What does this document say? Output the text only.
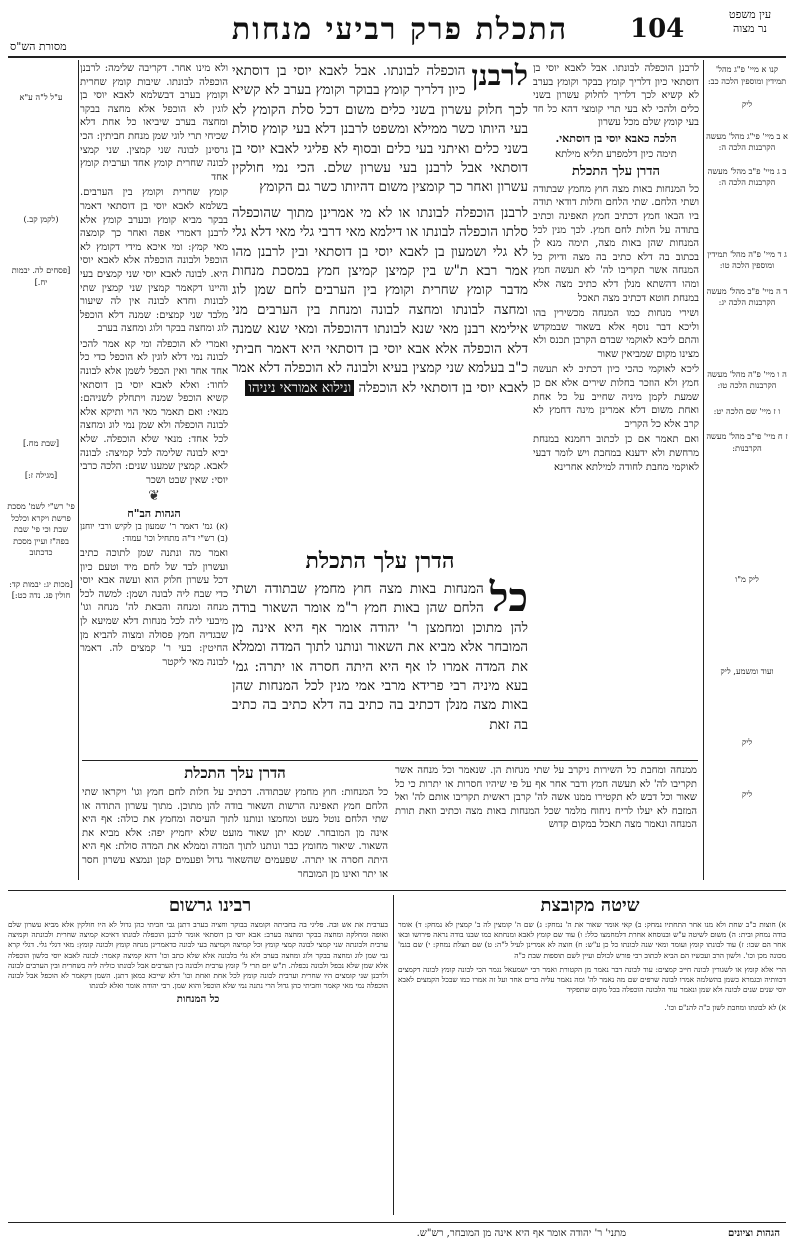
התכלת פרק רביעי מנחות	104	עין משפט
נר מצוה
מסורת הש"ס
קנו א מיי' פ"ג מהל' תמידין ומוספין הלכה כב:
ליק
א ב מיי' פי"ג מהל' מעשה הקרבנות הלכה ה:
ב ג מיי' פ"ב מהל' מעשה הקרבנות הלכה ה:
ג ד מיי' פ"ה מהל' תמידין ומוספין הלכה טו:
ד ה מיי' פ"ב מהל' מעשה הקרבנות הלכה יג:
ה ו מיי' פ"ה מהל' מעשה הקרבנות הלכה טו:
ו ז מיי' שם הלכה יט:
ז ח מיי' פי"ב מהל' מעשה הקרבנות:
ליק מ"ו
ועוד ומשמע, ליק
ליק
ליק

לרבנן הוכפלה לבונתו. אבל לאבא יוסי בן דוסתאי כיון דלריך קומץ בבקר וקומץ בערב לא קשיא לכך דלריך לחלוק עשרון בשני כלים ולהכי לא בעי תרי קומצי דהא כל חד בעי קומץ שלם מכל עשרון

הלכה כאבא יוסי בן דוסתאי.

תימה כיון דלמפרע תליא מילתא

הדרן עלך התכלת

כל המנחות באות מצה חוץ מחמץ שבתודה ושתי הלחם. שתי הלחם וחלות דודאי תודה ביו הבאו חמץ דכתיב חמץ תאפינה וכתיב בתודה על חלות לחם חמץ. לכך מנין לכל המנחות שהן באות מצה, תימה מנא לן בכתוב בה דלא כתיב בה מצה ודיוק כל המנחה אשר תקריבו לה' לא תעשה חמץ ומהו דהשתא מנלן דלא כתיב מצה אלא במנחת חוטא דכתיב מצה תאכל

ושירי מנחות כמו המנחה מכשירין בהו וליכא דבר נוסף אלא בשאור שבמקדש והתם ליכא לאוקמי שבדם הקרבן תכנס ולא מצינו מקום שמביאין שאור

ליכא לאוקמי כהכי כיון דכתיב לא תעשה חמץ ולא הוזכר בחלות שירים אלא אם כן שמעת לקמן מיניה שחייב על כל אחת ואחת משום דלא אמרינן מינה דחמץ לא קרב אלא כל הקריב

ואם תאמר אם כן לכתוב רחמנא במנחת מרחשת ולא ידענא במחבת ויש לומר דבעי לאוקמי מחבת לחודה למילתא אחרינא

לרבנן
הוכפלה לבונתו. אבל לאבא יוסי בן דוסתאי כיון דלריך קומץ בבוקר וקומץ בערב לא קשיא לכך חלוק עשרון בשני כלים משום דכל סלת הקומץ לא בעי היותו כשר ממילא ומשפט לרבנן דלא בעי קומץ סולת בשני כלים ואיתני בעי כלים ובסוף לא פליגי לאבא יוסי בן דוסתאי אבל לרבנן בעי עשרון שלם. הכי נמי חולקין עשרון ואחר כך קומצין משום דהיותו כשר גם הקומץ
לרבנן הוכפלה לבונתו או לא מי אמרינן מתוך שהוכפלה סלתו הוכפלה לבונתו או דילמא מאי דרבי גלי מאי דלא גלי לא גלי ושמעון בן לאבא יוסי בן דוסתאי ובין לרבנן מהו אמר רבא ת"ש בין קמיצן קמיצן חמץ במסכת מנחות מדבר קומץ שחרית וקומץ בין הערבים לחם שמן לוג ומחצה לבונתו ומחצה לבונה ומנחת בין הערבים מני אילימא רבנן מאי שנא לבונתו דהוכפלה ומאי שנא שמנה דלא הוכפלה אלא אבא יוסי בן דוסתאי היא דאמר חביתי כ"ב בעלמא שני קמצין בעיא ולבונה לא הוכפלה דלא אמר לאבא יוסי בן דוסתאי לא הוכפלה ונילוא אמוראי ניניהו
הדרן עלך התכלת
כל
המנחות באות מצה חוץ מחמץ שבתודה ושתי הלחם שהן באות חמץ ר"מ אומר השאור בודה להן מתוכן ומחמצן ר' יהודה אומר אף היא אינה מן המובחר אלא מביא את השאור ונותנו לתוך המדה וממלא את המדה אמרו לו אף היא היתה חסרה או יתרה: גמ' בעא מיניה רבי פרידא מרבי אמי מנין לכל המנחות שהן באות מצה מנלן דכתיב בה כתיב בה דלא כתיב בה כתיב בה זאת

ולא מינו אחר. דקריבה שלימה: לרבנן הוכפלה לבונתו. שיבות קומץ שחרית וקומץ בערב דבשלמא לאבא יוסי בן לוגין לא הוכפל אלא מחצה בבקר ומחצה בערב שיביאו כל אחת דלא שכיחי תרי לוגי שמן מנחת חביתין: הכי גרסינן לבונה שני קמצין. שני קמצי לבונה שחרית קומץ אחד וערבית קומץ אחד

קומץ שחרית וקומץ בין הערבים. בשלמא לאבא יוסי בן דוסתאי דאמר בבקר מביא קומץ ובערב קומץ אלא לרבנן דאמרי אפה ואחר כך קומצה מאי קמץ: ומי איכא מידי דקומץ לא הוכפל ולבונה הוכפלה אלא לאבא יוסי היא. לבונה לאבא יוסי שני קמצים בעי והיינו דקאמר קמצין שני קמצין שתי לבונות וחדא לבונה אין לה שיעור מלבד שני קמצים: שמנה דלא הוכפל לוג ומחצה בבקר ולוג ומחצה בערב

ואמרי לא הוכפלה ומי קא אמר להכי לבונה נמי דלא לוגין לא הוכפל כדי כל אחד אחד ואין הכפל לשמן אלא לבונה לחוד: ואלא לאבא יוסי בן דוסתאי קשיא הוכפל שמנה ויתחלק לשניהם: מנאי: ואם תאמר מאי הוי ותיקא אלא לבונה הוכפלה ולא שמן נמי לוג ומחצה לכל אחד: מנאי שלא הוכפלה. שלא יביא לבונה שלימה לכל קמיצה: לבונה לאבא. קמצין שמענו שנים: הלכה כרבי יוסי: שאין שבט ושכר

❦
הגהות הב"ח

(א) גמ' דאמר ר' שמעון בן לקיש ורבי יוחנן (ב) רש"י ד"ה מתחיל וכו' עמוד:

ואמר מה ונתנה שמן לתוכה כתיב ועשרון לבד של לחם מיד וטעם כיון דכל עשרון חלוק הוא ועשה אבא יוסי כדי שבח ליה לבונה ושמן: למשה לכל מנחה ומנחה והבאת לה' מנחה וגו' מיבעי ליה לכל מנחות דלא שמיעא לן שבגדיה חמץ פסולה ומצוה להביא מן החיטין: בעי ר' קמצים לה. דאמר לבונה מאי ליקטר

ע"ל ל"ה ע"א
(לקמן קב.)
[פסחים לה. יבמות יח.]
[שבת מח.]
[מגילה ז:]
פי' רש"י לשמ' מסכת פרשת ויקרא וכלכל שבת וכי פי' שבת בפה"ז ועיין מסכת כדכתוב
[מכות יג: יבמות קד: חולין פג. נדה כט:]

ממנחה ומחבת כל השירות ניקרב על שתי מנחות הן. שנאמר וכל מנחה אשר תקריבו לה' לא תעשה חמץ ודבר אחר אף על פי שיהיו חסרות או יתרות כי כל שאור וכל דבש לא תקטירו ממנו אשה לה' קרבן ראשית תקריבו אותם לה' ואל המזבח לא יעלו לריח ניחוח מלמד שכל המנחות באות מצה וכתיב וזאת תורת המנחה ונאמר מצה תאכל במקום קדוש

הדרן עלך התכלת

כל המנחות: חוץ מחמץ שבתודה. דכתיב על חלות לחם חמץ וגו' ויקראו שתי הלחם חמץ תאפינה הרשות השאור בודה להן מתוכן. מתוך עשרון התודה או שתי הלחם נוטל מעט ומחמצו ונותנו לתוך העיסה ומחמץ את כולה: אף היא אינה מן המובחר. שמא יתן שאור מועט שלא יחמיץ יפה: אלא מביא את השאור. שיאור מחומץ כבר ונותנו לתוך המדה וממלא את המדה סולת: אף היא היתה חסרה או יתרה. שפעמים שהשאור גדול ופעמים קטן ונמצא עשרון חסר או יתר ואינו מן המובחר

שיטה מקובצת

א) חוצות כ"ב שחת ולא מנו אחר התחתיו נמחק: ב) קאי אומר שאור את ה' נמחק: ג) שם ה' קומצין לה ב' קמצין לא נמחק: ד) אומר בודה נמחק ובית: ה) משום לשיטה ע"ש ובנוסחא אחרת דלמחמצו כלל: ו) עוד שם קומץ לאבא ומנחתא כמו שבנו בודה נראה פירושו ובאו אחר הם שבו: ז) עוד לבונתו קומץ ועומד ומאי שנה לבונתו כל כן ע"ש: ח) חוצה לא אמרינן לעיל ל"ה: ט) שם תצלת נמחק: י) שם בגמ' מכונה מכן וכו'. ולשון הרב ועכשיו הם הביא לכתוב רבי פורש לכולם ועיין לשם תוספות שבת כ"ה

הרי אלא קומץ או לשגורין לבונה חייב קמצים: עוד לבונה דבר נאמר מן הקטורת ואמר רבי ישמעאל נגמר הכי לבונה קומץ לבונה דקמצים דכוותיה ובגמרא כשמן בהשלמה אמרו לבונה שרפים שם מה נאמר לה' ומה נאמר עליה ברים אחד ועל זה אמרו כמו שבכל הקמצים לאבא יוסי שנים שנים לבונה ולא שמן ונאמר עוד הלבונה הוכפלה בכל מקום שתפקיד

א) לא לבונתו ומחבת לשון כ"ה להנ"ם וכו'.

רבינו גרשום

בערבית את אש ובה. פליגי בה בחביתה וקומצה בבוקר וחציה בערב דתנן גבי חביתי כהן גדול לא היו חולקין אלא מביא עשרון שלם ואופה ומחלקה ומחצה בבקר ומחצה בערב: אבא יוסי בן דוסתאי אומר לרבנן הוכפלה לבונתו דאיכא קמיצה שחרית ולבונתה וקמיצה ערבית ולבונתה שני קמצי לבונה קמצי קומץ וכל קמיצה וקמיצה בעי לבונה כדאמרינן מנחה קומץ ולבונה קומץ: מאי דגלי גלי. דגלי קרא גבי שמן לוג ומחצה בבקר ולוג ומחצה בערב ולא גלי בלבונה אלא שלא כתב וכו' דהא קמיצה קאמר: לבונה לאבא יוסי כלשון הוכפלה אלא שמן שלא נכפל ולבונה נכפלה. ת"ש יום תרי ל' קומץ ערבית ולבונה בין הערבים אבל לבונתו כוליה ליה בשחרית ובין הערבים לבונה ולרבנן שני קומצים היו שחרית וערבית לבונה קומץ לכל אחת ואחת וכו' דלא שייכא כמאן דתנן. השמן דקאמר לא הוכפל אבל לבונה הוכפלה נמי מאי קאמר וחביתי כהן גדול הרי נתנה נמי שלא הוכפל והוא שמן. רבי יהודה אומר ואלא לבונתו

כל המנחות

הגהות וציונים
מתני' ר' יהודה אומר אף היא אינה מן המובחר, רש"ש.
